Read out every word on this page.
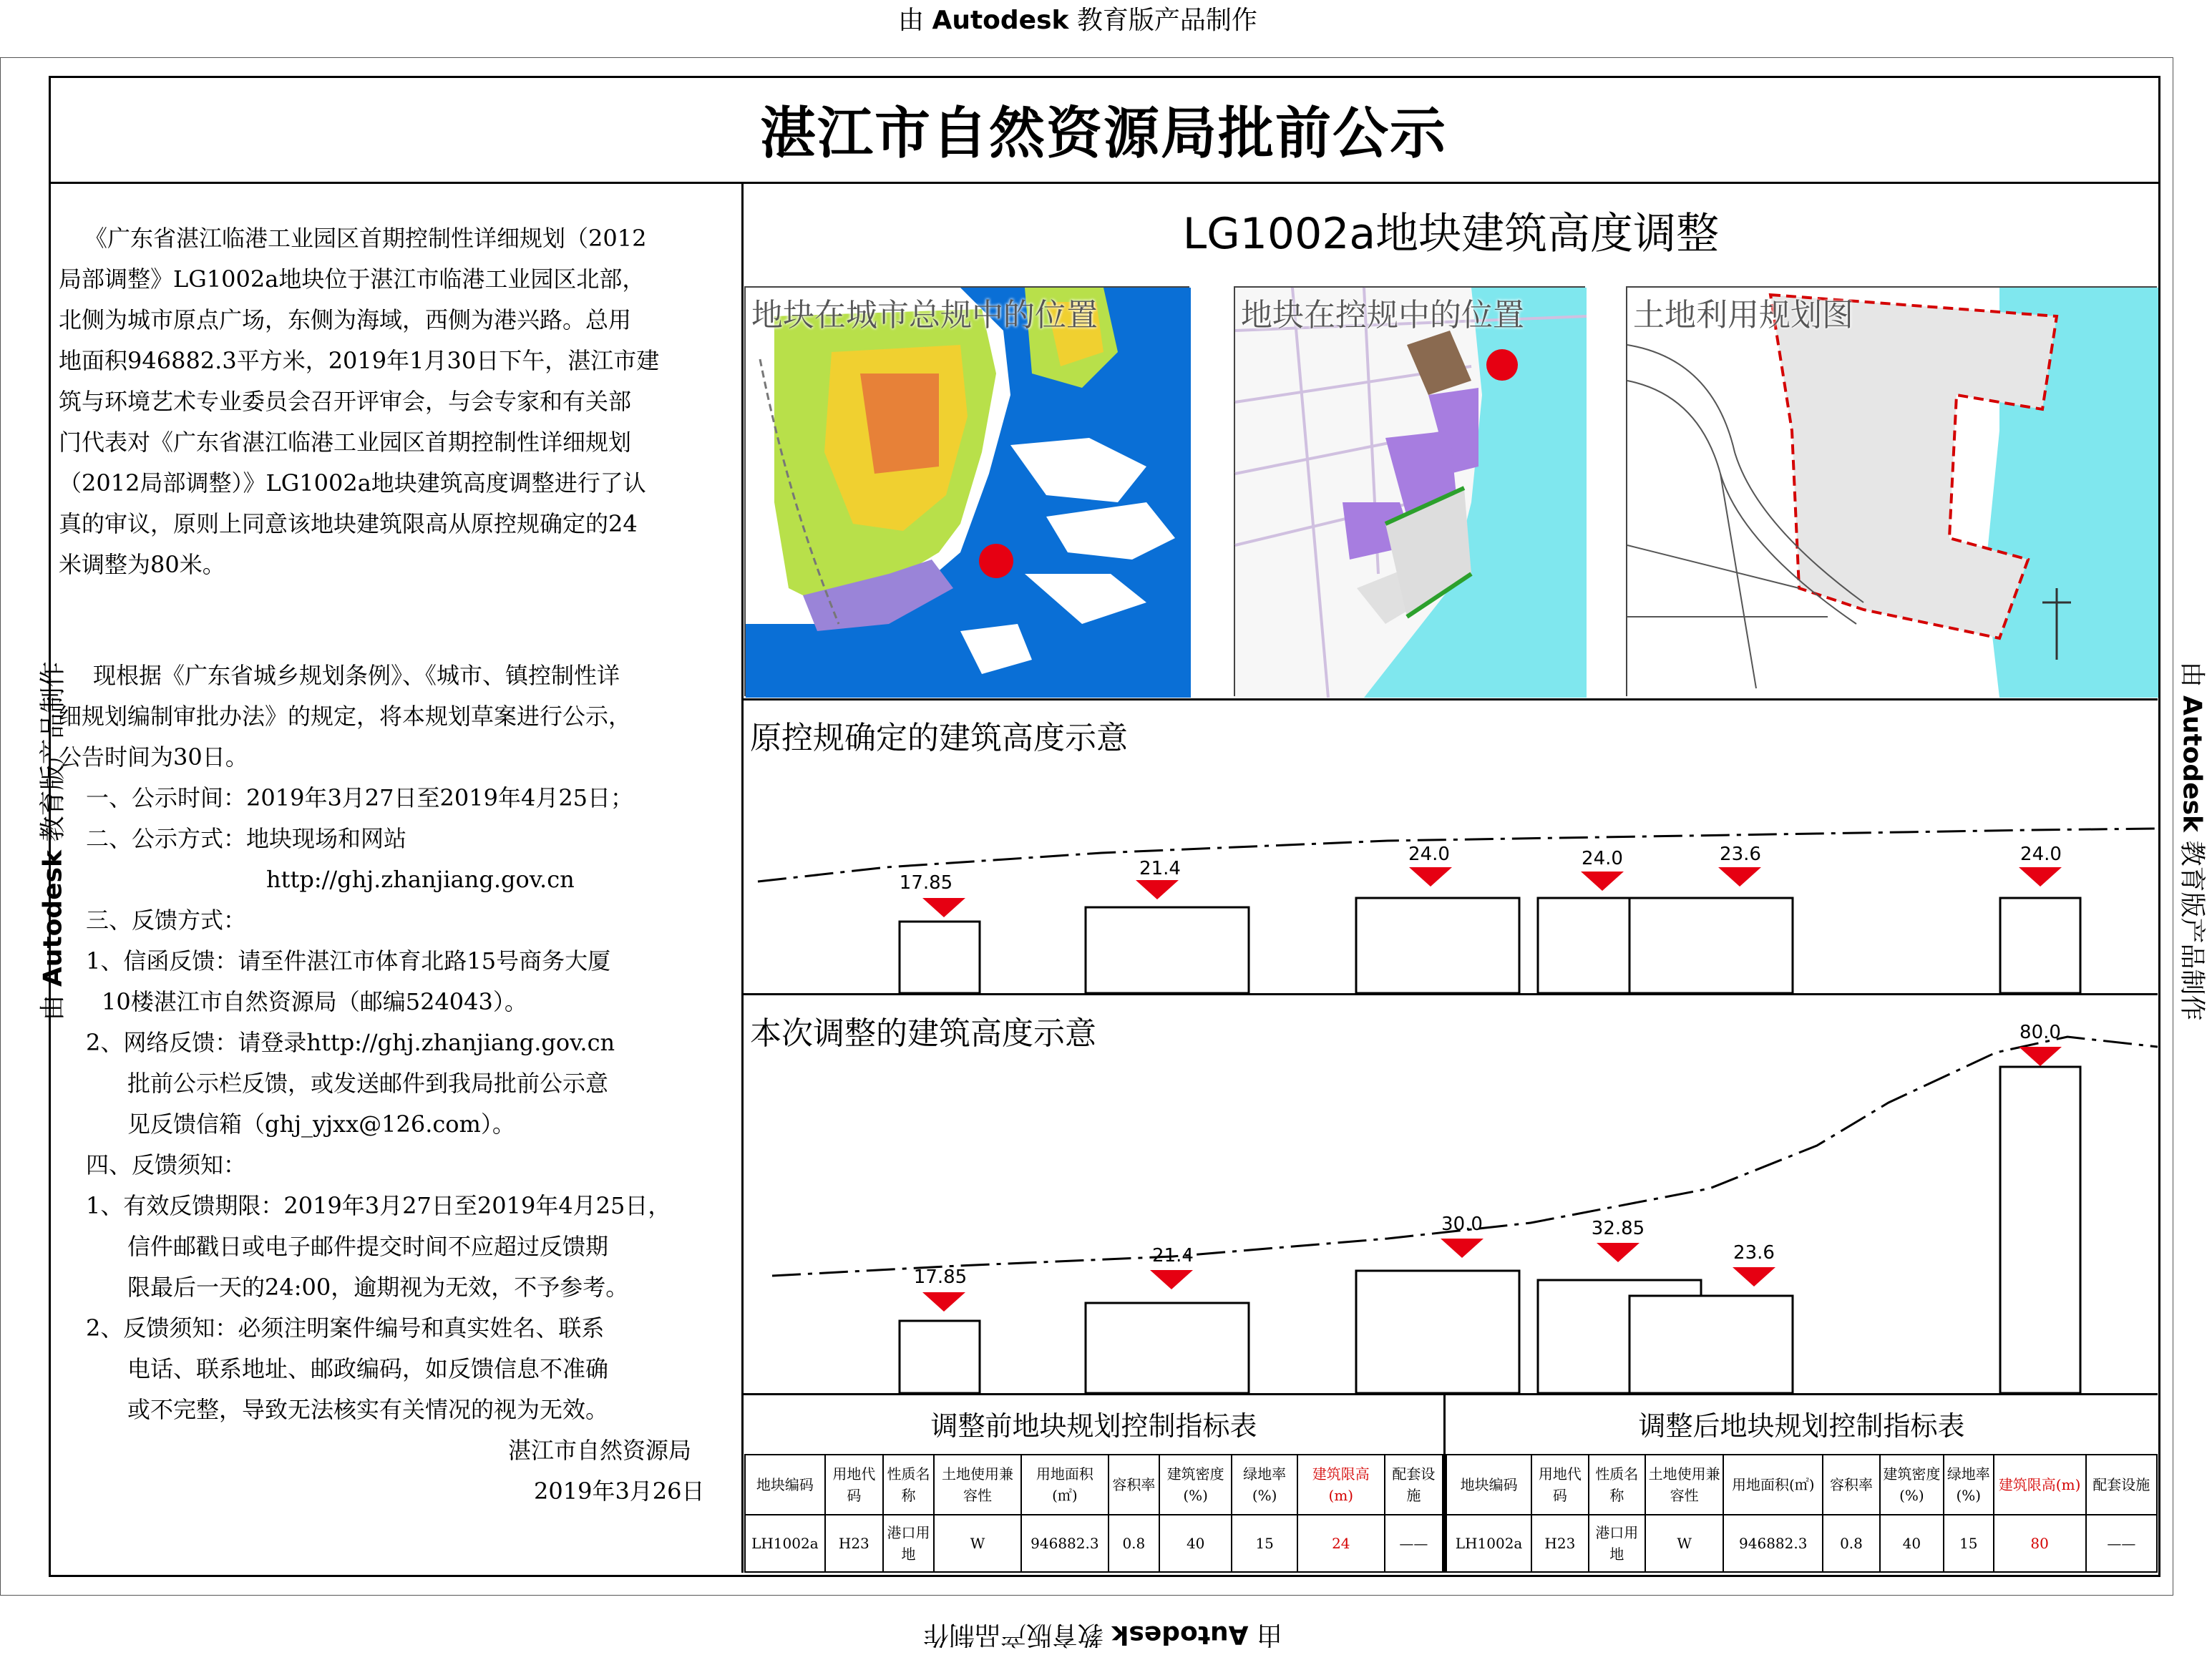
由 Autodesk 教育版产品制作
由 Autodesk 教育版产品制作
由 Autodesk 教育版产品制作	由 Autodesk 教育版产品制作
湛江市自然资源局批前公示
《广东省湛江临港工业园区首期控制性详细规划（2012
局部调整》LG1002a地块位于湛江市临港工业园区北部，
北侧为城市原点广场，东侧为海域，西侧为港兴路。总用
地面积946882.3平方米，2019年1月30日下午，湛江市建
筑与环境艺术专业委员会召开评审会，与会专家和有关部
门代表对《广东省湛江临港工业园区首期控制性详细规划
（2012局部调整）》LG1002a地块建筑高度调整进行了认
真的审议，原则上同意该地块建筑限高从原控规确定的24
米调整为80米。
现根据《广东省城乡规划条例》、《城市、镇控制性详
细规划编制审批办法》的规定，将本规划草案进行公示，
公告时间为30日。
一、公示时间：2019年3月27日至2019年4月25日；
二、公示方式：地块现场和网站
http://ghj.zhanjiang.gov.cn
三、反馈方式：
1、信函反馈：请至件湛江市体育北路15号商务大厦
10楼湛江市自然资源局（邮编524043）。
2、网络反馈：请登录http://ghj.zhanjiang.gov.cn
批前公示栏反馈，或发送邮件到我局批前公示意
见反馈信箱（ghj_yjxx@126.com）。
四、反馈须知：
1、有效反馈期限：2019年3月27日至2019年4月25日，
信件邮戳日或电子邮件提交时间不应超过反馈期
限最后一天的24:00，逾期视为无效，不予参考。
2、反馈须知：必须注明案件编号和真实姓名、联系
电话、联系地址、邮政编码，如反馈信息不准确
或不完整，导致无法核实有关情况的视为无效。
湛江市自然资源局
2019年3月26日
LG1002a地块建筑高度调整
地块在城市总规中的位置	地块在控规中的位置	土地利用规划图
原控规确定的建筑高度示意
本次调整的建筑高度示意
17.85
21.4
24.0	24.0	23.6	24.0
17.85
21.4
30.0	32.85
23.6
80.0
调整前地块规划控制指标表	调整后地块规划控制指标表
地块编码	用地代码	性质名称	土地使用兼容性	用地面积(㎡)	容积率	建筑密度(%)	绿地率(%)	建筑限高(m)	配套设施
LH1002a	H23	港口用地	W	946882.3	0.8	40	15	24	——
地块编码	用地代码	性质名称	土地使用兼容性	用地面积(㎡)	容积率	建筑密度(%)	绿地率(%)	建筑限高(m)	配套设施
LH1002a	H23	港口用地	W	946882.3	0.8	40	15	80	——
